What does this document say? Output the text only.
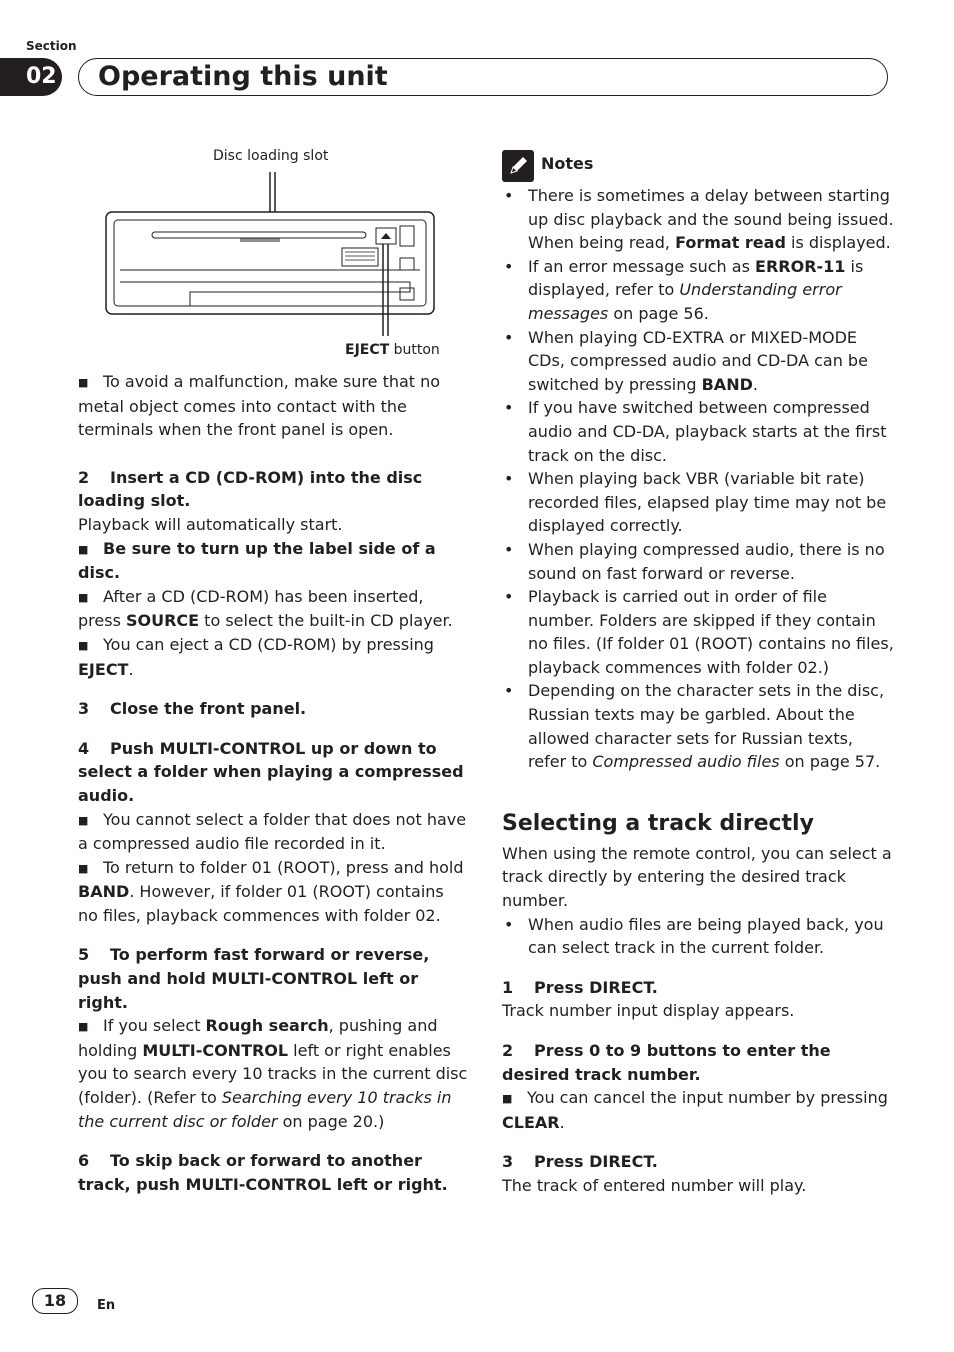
Section
02 Operating this unit
Disc loading slot
EJECT button

■ To avoid a malfunction, make sure that no metal object comes into contact with the terminals when the front panel is open.

2 Insert a CD (CD-ROM) into the disc loading slot.

Playback will automatically start.

■ Be sure to turn up the label side of a disc.

■ After a CD (CD-ROM) has been inserted, press SOURCE to select the built-in CD player.

■ You can eject a CD (CD-ROM) by pressing EJECT.

3 Close the front panel.

4 Push MULTI-CONTROL up or down to select a folder when playing a compressed audio.

■ You cannot select a folder that does not have a compressed audio file recorded in it.

■ To return to folder 01 (ROOT), press and hold BAND. However, if folder 01 (ROOT) contains no files, playback commences with folder 02.

5 To perform fast forward or reverse, push and hold MULTI-CONTROL left or right.

■ If you select Rough search, pushing and holding MULTI-CONTROL left or right enables you to search every 10 tracks in the current disc (folder). (Refer to Searching every 10 tracks in the current disc or folder on page 20.)

6 To skip back or forward to another track, push MULTI-CONTROL left or right.

Notes

• There is sometimes a delay between starting up disc playback and the sound being issued. When being read, Format read is displayed.

• If an error message such as ERROR-11 is displayed, refer to Understanding error messages on page 56.

• When playing CD-EXTRA or MIXED-MODE CDs, compressed audio and CD-DA can be switched by pressing BAND.

• If you have switched between compressed audio and CD-DA, playback starts at the first track on the disc.

• When playing back VBR (variable bit rate) recorded files, elapsed play time may not be displayed correctly.

• When playing compressed audio, there is no sound on fast forward or reverse.

• Playback is carried out in order of file number. Folders are skipped if they contain no files. (If folder 01 (ROOT) contains no files, playback commences with folder 02.)

• Depending on the character sets in the disc, Russian texts may be garbled. About the allowed character sets for Russian texts, refer to Compressed audio files on page 57.

Selecting a track directly

When using the remote control, you can select a track directly by entering the desired track number.

• When audio files are being played back, you can select track in the current folder.

1 Press DIRECT.

Track number input display appears.

2 Press 0 to 9 buttons to enter the desired track number.

■ You can cancel the input number by pressing CLEAR.

3 Press DIRECT.

The track of entered number will play.

18	En
